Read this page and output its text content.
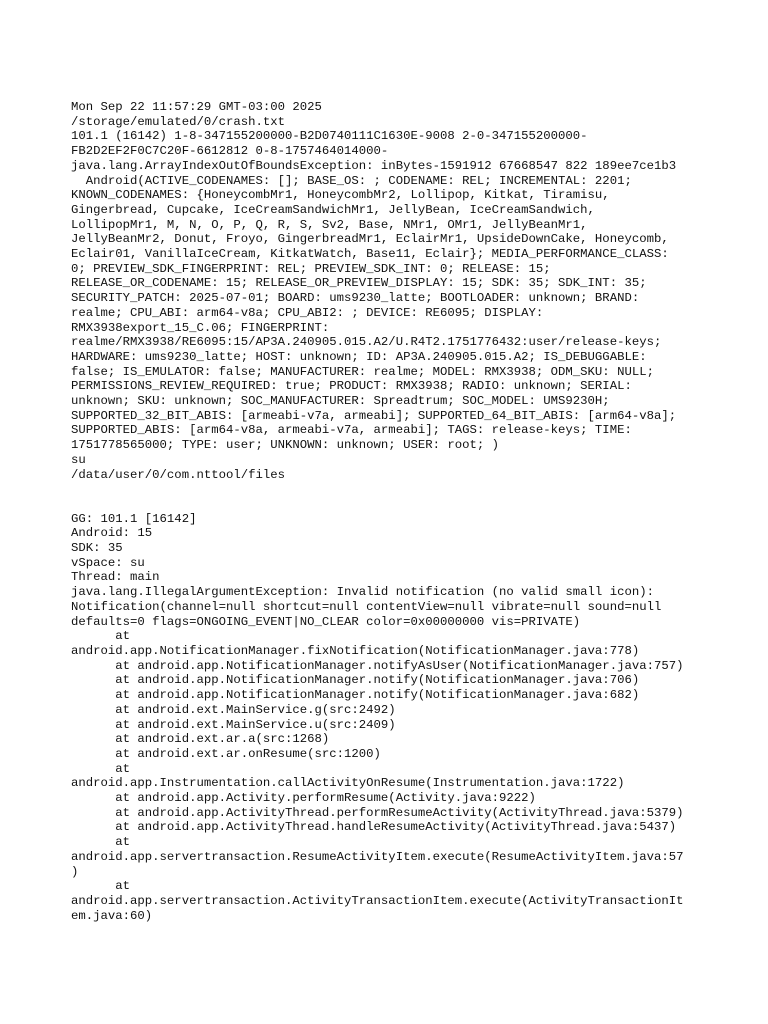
Mon Sep 22 11:57:29 GMT-03:00 2025
/storage/emulated/0/crash.txt
101.1 (16142) 1-8-347155200000-B2D0740111C1630E-9008 2-0-347155200000-
FB2D2EF2F0C7C20F-6612812 0-8-1757464014000-
java.lang.ArrayIndexOutOfBoundsException: inBytes-1591912 67668547 822 189ee7ce1b3
Android(ACTIVE_CODENAMES: []; BASE_OS: ; CODENAME: REL; INCREMENTAL: 2201;
KNOWN_CODENAMES: {HoneycombMr1, HoneycombMr2, Lollipop, Kitkat, Tiramisu,
Gingerbread, Cupcake, IceCreamSandwichMr1, JellyBean, IceCreamSandwich,
LollipopMr1, M, N, O, P, Q, R, S, Sv2, Base, NMr1, OMr1, JellyBeanMr1,
JellyBeanMr2, Donut, Froyo, GingerbreadMr1, EclairMr1, UpsideDownCake, Honeycomb,
Eclair01, VanillaIceCream, KitkatWatch, Base11, Eclair}; MEDIA_PERFORMANCE_CLASS:
0; PREVIEW_SDK_FINGERPRINT: REL; PREVIEW_SDK_INT: 0; RELEASE: 15;
RELEASE_OR_CODENAME: 15; RELEASE_OR_PREVIEW_DISPLAY: 15; SDK: 35; SDK_INT: 35;
SECURITY_PATCH: 2025-07-01; BOARD: ums9230_latte; BOOTLOADER: unknown; BRAND:
realme; CPU_ABI: arm64-v8a; CPU_ABI2: ; DEVICE: RE6095; DISPLAY:
RMX3938export_15_C.06; FINGERPRINT:
realme/RMX3938/RE6095:15/AP3A.240905.015.A2/U.R4T2.1751776432:user/release-keys;
HARDWARE: ums9230_latte; HOST: unknown; ID: AP3A.240905.015.A2; IS_DEBUGGABLE:
false; IS_EMULATOR: false; MANUFACTURER: realme; MODEL: RMX3938; ODM_SKU: NULL;
PERMISSIONS_REVIEW_REQUIRED: true; PRODUCT: RMX3938; RADIO: unknown; SERIAL:
unknown; SKU: unknown; SOC_MANUFACTURER: Spreadtrum; SOC_MODEL: UMS9230H;
SUPPORTED_32_BIT_ABIS: [armeabi-v7a, armeabi]; SUPPORTED_64_BIT_ABIS: [arm64-v8a];
SUPPORTED_ABIS: [arm64-v8a, armeabi-v7a, armeabi]; TAGS: release-keys; TIME:
1751778565000; TYPE: user; UNKNOWN: unknown; USER: root; )
su
/data/user/0/com.nttool/files
GG: 101.1 [16142]
Android: 15
SDK: 35
vSpace: su
Thread: main
java.lang.IllegalArgumentException: Invalid notification (no valid small icon):
Notification(channel=null shortcut=null contentView=null vibrate=null sound=null
defaults=0 flags=ONGOING_EVENT|NO_CLEAR color=0x00000000 vis=PRIVATE)
at
android.app.NotificationManager.fixNotification(NotificationManager.java:778)
at android.app.NotificationManager.notifyAsUser(NotificationManager.java:757)
at android.app.NotificationManager.notify(NotificationManager.java:706)
at android.app.NotificationManager.notify(NotificationManager.java:682)
at android.ext.MainService.g(src:2492)
at android.ext.MainService.u(src:2409)
at android.ext.ar.a(src:1268)
at android.ext.ar.onResume(src:1200)
at
android.app.Instrumentation.callActivityOnResume(Instrumentation.java:1722)
at android.app.Activity.performResume(Activity.java:9222)
at android.app.ActivityThread.performResumeActivity(ActivityThread.java:5379)
at android.app.ActivityThread.handleResumeActivity(ActivityThread.java:5437)
at
android.app.servertransaction.ResumeActivityItem.execute(ResumeActivityItem.java:57
)
at
android.app.servertransaction.ActivityTransactionItem.execute(ActivityTransactionIt
em.java:60)
